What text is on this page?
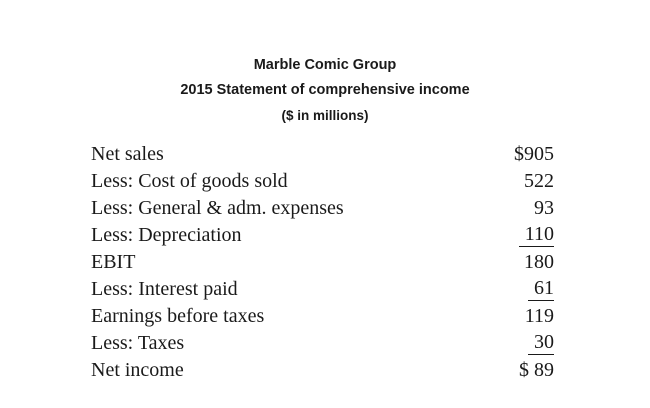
Marble Comic Group
2015 Statement of comprehensive income
($ in millions)
Net sales	$905
Less: Cost of goods sold	522
Less: General & adm. expenses	93
Less: Depreciation	110
EBIT	180
Less: Interest paid	61
Earnings before taxes	119
Less: Taxes	30
Net income	$ 89
